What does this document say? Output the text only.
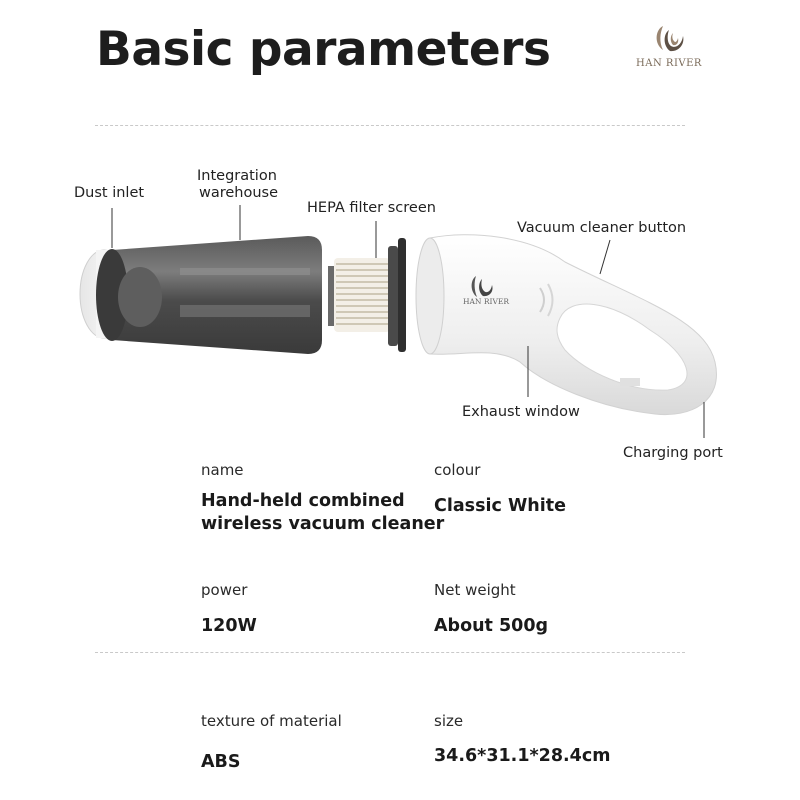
Basic parameters	HAN RIVER
HAN RIVER
Dust inlet
Integration
warehouse
HEPA filter screen
Vacuum cleaner button
Exhaust window
Charging port
name
Hand-held combined
wireless vacuum cleaner
colour
Classic White
power
120W
Net weight
About 500g
texture of material
ABS
size
34.6*31.1*28.4cm
